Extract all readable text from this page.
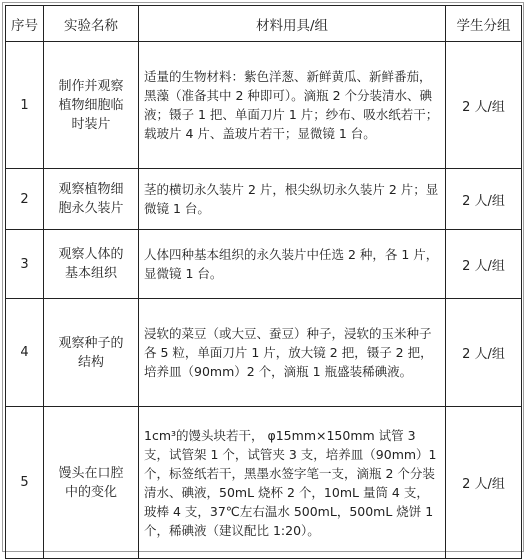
序号	实验名称	材料用具/组	学生分组
1	制作并观察植物细胞临时装片	适量的生物材料：紫色洋葱、新鲜黄瓜、新鲜番茄，黑藻（准备其中 2 种即可）。滴瓶 2 个分装清水、碘液；镊子 1 把、单面刀片 1 片；纱布、吸水纸若干；载玻片 4 片、盖玻片若干；显微镜 1 台。	2 人/组
2	观察植物细胞永久装片	茎的横切永久装片 2 片，根尖纵切永久装片 2 片；显微镜 1 台。	2 人/组
3	观察人体的基本组织	人体四种基本组织的永久装片中任选 2 种，各 1 片，显微镜 1 台。	2 人/组
4	观察种子的结构	浸软的菜豆（或大豆、蚕豆）种子，浸软的玉米种子各 5 粒，单面刀片 1 片，放大镜 2 把，镊子 2 把，培养皿（90mm）2 个，滴瓶 1 瓶盛装稀碘液。	2 人/组
5	馒头在口腔中的变化	1cm³的馒头块若干， φ15mm×150mm 试管 3 支，试管架 1 个，试管夹 3 支，培养皿（90mm）1 个，标签纸若干，黑墨水签字笔一支，滴瓶 2 个分装清水、碘液，50mL 烧杯 2 个，10mL 量筒 4 支，玻棒 4 支，37℃左右温水 500mL，500mL 烧饼 1 个，稀碘液（建议配比 1:20）。	2 人/组
